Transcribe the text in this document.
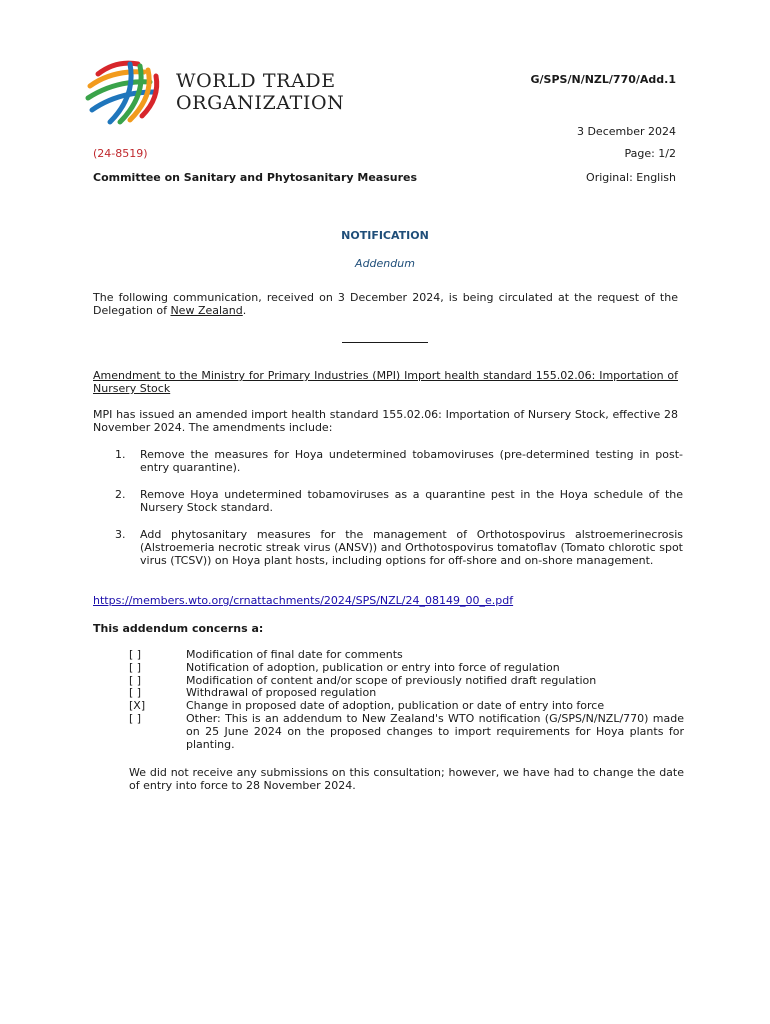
WORLD TRADE
ORGANIZATION
G/SPS/N/NZL/770/Add.1
3 December 2024
(24-8519)	Page: 1/2
Committee on Sanitary and Phytosanitary Measures	Original: English
NOTIFICATION
Addendum
The following communication, received on 3 December 2024, is being circulated at the request of the Delegation of New Zealand.
Amendment to the Ministry for Primary Industries (MPI) Import health standard 155.02.06: Importation of Nursery Stock
MPI has issued an amended import health standard 155.02.06: Importation of Nursery Stock, effective 28 November 2024. The amendments include:
1. Remove the measures for Hoya undetermined tobamoviruses (pre-determined testing in post-entry quarantine).
2. Remove Hoya undetermined tobamoviruses as a quarantine pest in the Hoya schedule of the Nursery Stock standard.
3. Add phytosanitary measures for the management of Orthotospovirus alstroemerinecrosis (Alstroemeria necrotic streak virus (ANSV)) and Orthotospovirus tomatoflav (Tomato chlorotic spot virus (TCSV)) on Hoya plant hosts, including options for off-shore and on-shore management.
https://members.wto.org/crnattachments/2024/SPS/NZL/24_08149_00_e.pdf
This addendum concerns a:
[ ]	Modification of final date for comments
[ ]	Notification of adoption, publication or entry into force of regulation
[ ]	Modification of content and/or scope of previously notified draft regulation
[ ]	Withdrawal of proposed regulation
[X]	Change in proposed date of adoption, publication or date of entry into force
[ ]	Other: This is an addendum to New Zealand's WTO notification (G/SPS/N/NZL/770) made on 25 June 2024 on the proposed changes to import requirements for Hoya plants for planting.
We did not receive any submissions on this consultation; however, we have had to change the date of entry into force to 28 November 2024.
